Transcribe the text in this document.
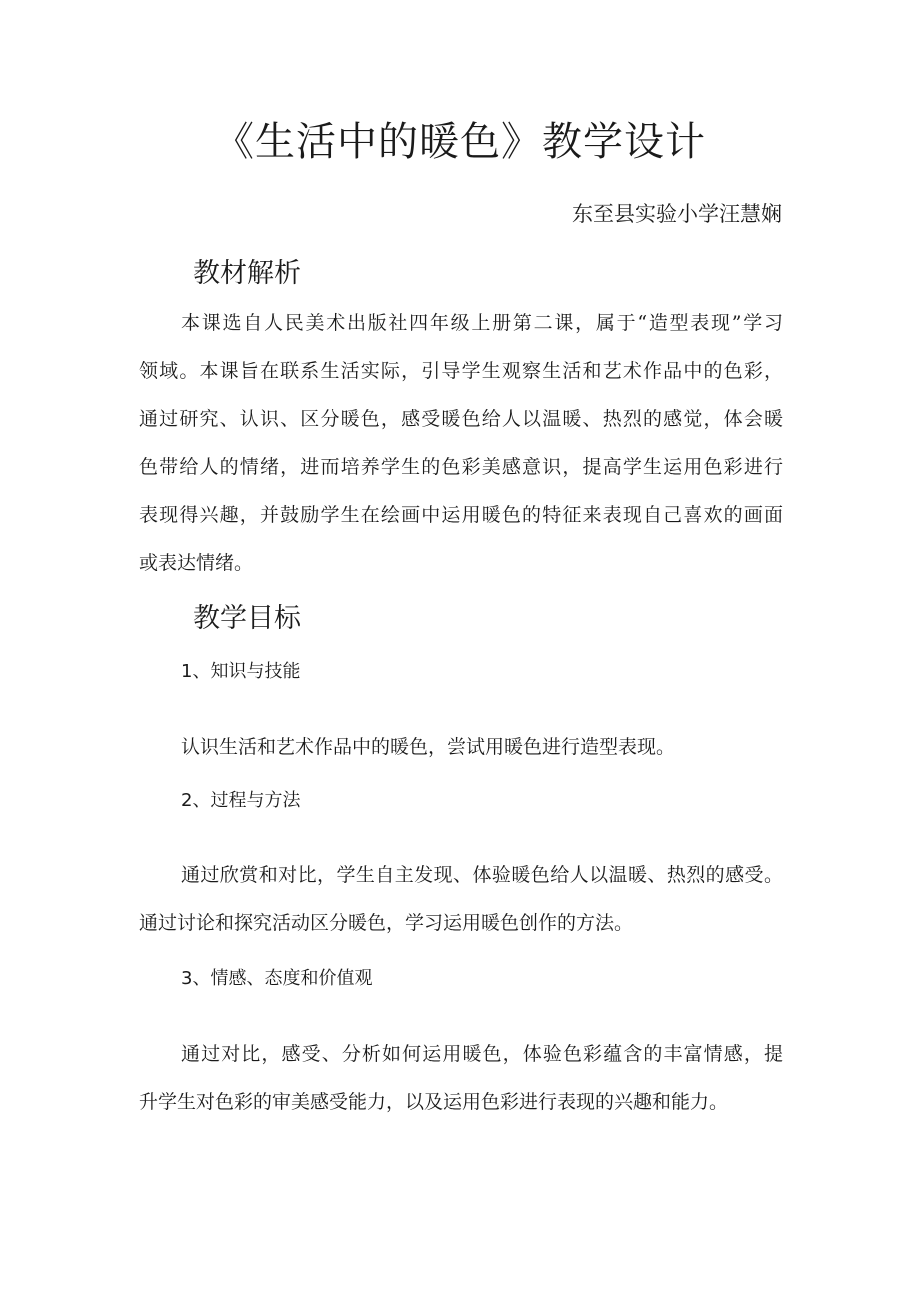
《生活中的暖色》教学设计
东至县实验小学汪慧娴
教材解析
本课选自人民美术出版社四年级上册第二课，属于“造型表现”学习
领域。本课旨在联系生活实际，引导学生观察生活和艺术作品中的色彩，
通过研究、认识、区分暖色，感受暖色给人以温暖、热烈的感觉，体会暖
色带给人的情绪，进而培养学生的色彩美感意识，提高学生运用色彩进行
表现得兴趣，并鼓励学生在绘画中运用暖色的特征来表现自己喜欢的画面
或表达情绪。
教学目标
1、知识与技能
认识生活和艺术作品中的暖色，尝试用暖色进行造型表现。
2、过程与方法
通过欣赏和对比，学生自主发现、体验暖色给人以温暖、热烈的感受。
通过讨论和探究活动区分暖色，学习运用暖色创作的方法。
3、情感、态度和价值观
通过对比，感受、分析如何运用暖色，体验色彩蕴含的丰富情感，提
升学生对色彩的审美感受能力，以及运用色彩进行表现的兴趣和能力。
